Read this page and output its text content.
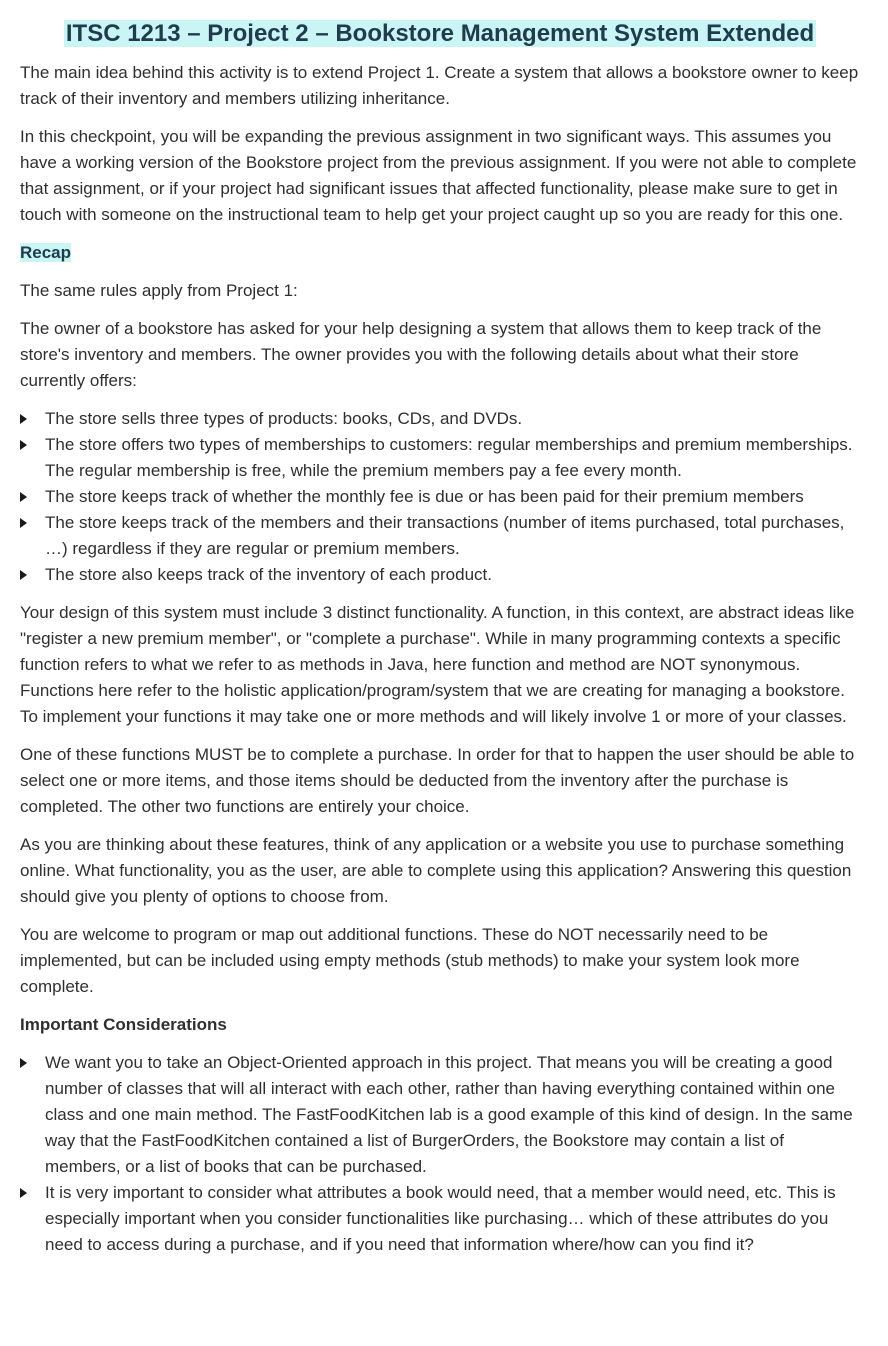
ITSC 1213 – Project 2 – Bookstore Management System Extended

The main idea behind this activity is to extend Project 1. Create a system that allows a bookstore owner to keep track of their inventory and members utilizing inheritance.

In this checkpoint, you will be expanding the previous assignment in two significant ways. This assumes you have a working version of the Bookstore project from the previous assignment. If you were not able to complete that assignment, or if your project had significant issues that affected functionality, please make sure to get in touch with someone on the instructional team to help get your project caught up so you are ready for this one.

Recap

The same rules apply from Project 1:

The owner of a bookstore has asked for your help designing a system that allows them to keep track of the store's inventory and members. The owner provides you with the following details about what their store currently offers:

The store sells three types of products: books, CDs, and DVDs.
The store offers two types of memberships to customers: regular memberships and premium memberships. The regular membership is free, while the premium members pay a fee every month.
The store keeps track of whether the monthly fee is due or has been paid for their premium members
The store keeps track of the members and their transactions (number of items purchased, total purchases, …) regardless if they are regular or premium members.
The store also keeps track of the inventory of each product.

Your design of this system must include 3 distinct functionality. A function, in this context, are abstract ideas like "register a new premium member", or "complete a purchase". While in many programming contexts a specific function refers to what we refer to as methods in Java, here function and method are NOT synonymous. Functions here refer to the holistic application/program/system that we are creating for managing a bookstore. To implement your functions it may take one or more methods and will likely involve 1 or more of your classes.

One of these functions MUST be to complete a purchase. In order for that to happen the user should be able to select one or more items, and those items should be deducted from the inventory after the purchase is completed. The other two functions are entirely your choice.

As you are thinking about these features, think of any application or a website you use to purchase something online. What functionality, you as the user, are able to complete using this application? Answering this question should give you plenty of options to choose from.

You are welcome to program or map out additional functions. These do NOT necessarily need to be implemented, but can be included using empty methods (stub methods) to make your system look more complete.

Important Considerations
We want you to take an Object-Oriented approach in this project. That means you will be creating a good number of classes that will all interact with each other, rather than having everything contained within one class and one main method. The FastFoodKitchen lab is a good example of this kind of design. In the same way that the FastFoodKitchen contained a list of BurgerOrders, the Bookstore may contain a list of members, or a list of books that can be purchased.
It is very important to consider what attributes a book would need, that a member would need, etc. This is especially important when you consider functionalities like purchasing… which of these attributes do you need to access during a purchase, and if you need that information where/how can you find it?
